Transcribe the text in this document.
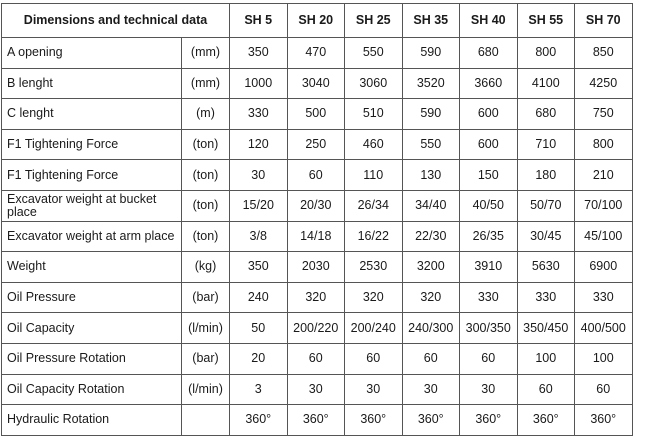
Dimensions and technical data		SH 5	SH 20	SH 25	SH 35	SH 40	SH 55	SH 70
A opening	(mm)	350	470	550	590	680	800	850
B lenght	(mm)	1000	3040	3060	3520	3660	4100	4250
C lenght	(m)	330	500	510	590	600	680	750
F1 Tightening Force	(ton)	120	250	460	550	600	710	800
F1 Tightening Force	(ton)	30	60	110	130	150	180	210
Excavator weight at bucket place	(ton)	15/20	20/30	26/34	34/40	40/50	50/70	70/100
Excavator weight at arm place	(ton)	3/8	14/18	16/22	22/30	26/35	30/45	45/100
Weight	(kg)	350	2030	2530	3200	3910	5630	6900
Oil Pressure	(bar)	240	320	320	320	330	330	330
Oil Capacity	(l/min)	50	200/220	200/240	240/300	300/350	350/450	400/500
Oil Pressure Rotation	(bar)	20	60	60	60	60	100	100
Oil Capacity Rotation	(l/min)	3	30	30	30	30	60	60
Hydraulic Rotation		360°	360°	360°	360°	360°	360°	360°
